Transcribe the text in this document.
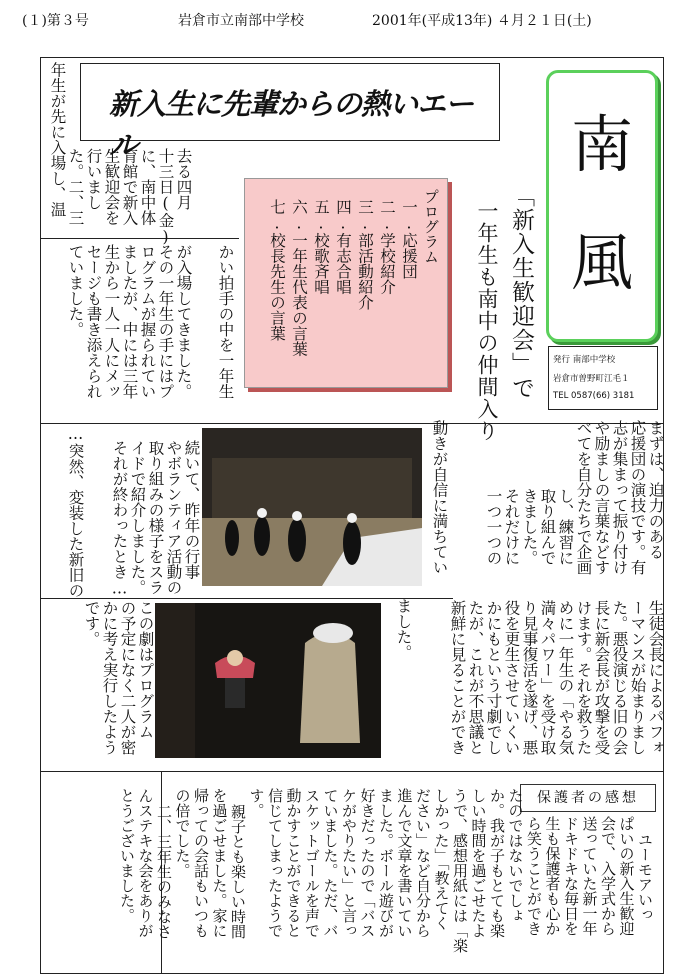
(１)第３号	岩倉市立南部中学校	2001年(平成13年) ４月２１日(土)
新入生に先輩からの熱いエール	南
風
発行 南部中学校
岩倉市曽野町江毛１
TEL 0587(66) 3181
「新入生歓迎会」で
一年生も南中の仲間入り
プログラム
一.応援団
二.学校紹介
三.部活動紹介
四.有志合唱
五.校歌斉唱
六.一年生代表の言葉
七.校長先生の言葉
年生が先に入場し、温 た。二、三 行いまし 生歓迎会を 育館で新入 に、南中体 十三日(金) 去る四月
ていました。 セージも書き添えられ 生から一人一人にメッ ましたが、中には三年 ログラムが握られてい その一年生の手にはプ が入場してきました。 かい拍手の中を一年生
まずは、迫力のある
応援団の演技です。有
志が集まって振り付け
や励ましの言葉などす
べてを自分たちで企画
し、練習に
取り組んで
きました。
それだけに
一つ一つの
動きが自信に満ちてい
ました。
続いて、昨年の行事
やボランティア活動の
取り組みの様子をスラ
イドで紹介しました。
それが終わったとき…
…突然、変装した新旧の
生徒会長によるパフォ
ーマンスが始まりまし
た。悪役演じる旧の会
長に新会長が攻撃を受
けます。それを救うた
めに一年生の「やる気
満々パワー」を受け取
り見事復活を遂げ、悪
役を更生させていくい
かにもという寸劇でし
たが、これが不思議と
新鮮に見ることができ
この劇はプログラム
の予定になく二人が密
かに考え実行したよう
です。
保護者の感想
ユーモアいっ
ぱいの新入生歓迎
会で、入学式から
送っていた新一年
ドキドキな毎日を
生も保護者も心か
ら笑うことができ
たのではないでしょ
か。我が子もとても楽
しい時間を過ごせたよ
うで、感想用紙には「楽
しかった」「教えてく
ださい」など自分から
進んで文章を書いてい
ました。ボール遊びが
好きだったので「バス
ケがやりたい」と言っ
ていました。ただ、バ
スケットゴールを声で
動かすことができると
信じてしまったようで
す。
親子とも楽しい時間
を過ごせました。家に
帰っての会話もいつも
の倍でした。
二、三年生のみなさ
んステキな会をありが
とうございました。
